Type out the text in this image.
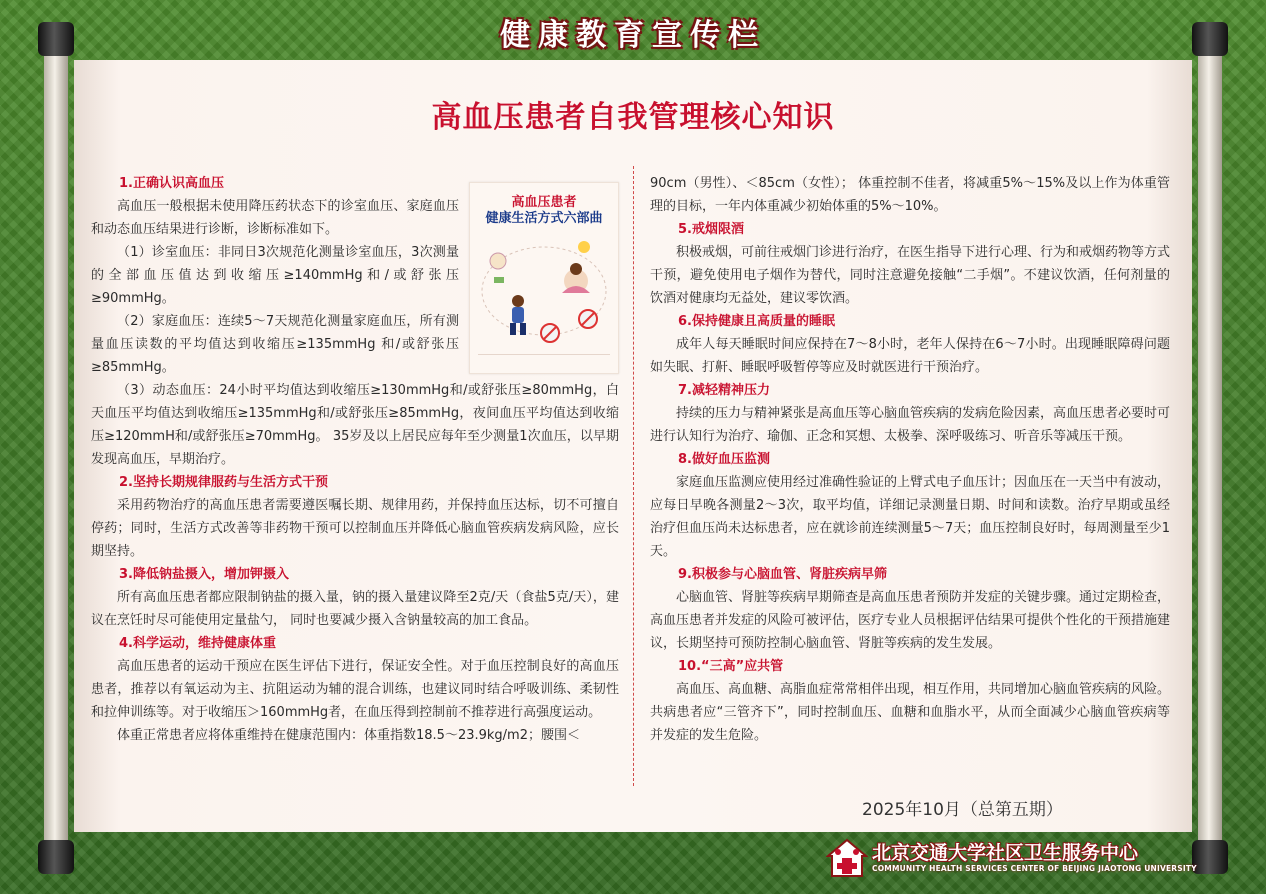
健康教育宣传栏
高血压患者自我管理核心知识
高血压患者
健康生活方式六部曲
1.正确认识高血压

高血压一般根据未使用降压药状态下的诊室血压、家庭血压和动态血压结果进行诊断，诊断标准如下。

（1）诊室血压：非同日3次规范化测量诊室血压，3次测量的全部血压值达到收缩压≥140mmHg和/或舒张压≥90mmHg。

（2）家庭血压：连续5～7天规范化测量家庭血压，所有测量血压读数的平均值达到收缩压≥135mmHg 和/或舒张压≥85mmHg。

（3）动态血压：24小时平均值达到收缩压≥130mmHg和/或舒张压≥80mmHg，白天血压平均值达到收缩压≥135mmHg和/或舒张压≥85mmHg，夜间血压平均值达到收缩压≥120mmH和/或舒张压≥70mmHg。 35岁及以上居民应每年至少测量1次血压，以早期发现高血压，早期治疗。

2.坚持长期规律服药与生活方式干预

采用药物治疗的高血压患者需要遵医嘱长期、规律用药，并保持血压达标，切不可擅自停药；同时，生活方式改善等非药物干预可以控制血压并降低心脑血管疾病发病风险，应长期坚持。

3.降低钠盐摄入，增加钾摄入

所有高血压患者都应限制钠盐的摄入量，钠的摄入量建议降至2克/天（食盐5克/天），建议在烹饪时尽可能使用定量盐勺， 同时也要减少摄入含钠量较高的加工食品。

4.科学运动，维持健康体重

高血压患者的运动干预应在医生评估下进行，保证安全性。对于血压控制良好的高血压患者，推荐以有氧运动为主、抗阻运动为辅的混合训练，也建议同时结合呼吸训练、柔韧性和拉伸训练等。对于收缩压＞160mmHg者，在血压得到控制前不推荐进行高强度运动。

体重正常患者应将体重维持在健康范围内：体重指数18.5～23.9kg/m2；腰围＜

90cm（男性）、＜85cm（女性）； 体重控制不佳者，将减重5%～15%及以上作为体重管理的目标，一年内体重减少初始体重的5%～10%。

5.戒烟限酒

积极戒烟，可前往戒烟门诊进行治疗，在医生指导下进行心理、行为和戒烟药物等方式干预，避免使用电子烟作为替代，同时注意避免接触“二手烟”。不建议饮酒，任何剂量的饮酒对健康均无益处，建议零饮酒。

6.保持健康且高质量的睡眠

成年人每天睡眠时间应保持在7～8小时，老年人保持在6～7小时。出现睡眠障碍问题如失眠、打鼾、睡眠呼吸暂停等应及时就医进行干预治疗。

7.减轻精神压力

持续的压力与精神紧张是高血压等心脑血管疾病的发病危险因素，高血压患者必要时可进行认知行为治疗、瑜伽、正念和冥想、太极拳、深呼吸练习、听音乐等减压干预。

8.做好血压监测

家庭血压监测应使用经过准确性验证的上臂式电子血压计；因血压在一天当中有波动，应每日早晚各测量2～3次，取平均值，详细记录测量日期、时间和读数。治疗早期或虽经治疗但血压尚未达标患者，应在就诊前连续测量5～7天；血压控制良好时，每周测量至少1天。

9.积极参与心脑血管、肾脏疾病早筛

心脑血管、肾脏等疾病早期筛查是高血压患者预防并发症的关键步骤。通过定期检查，高血压患者并发症的风险可被评估，医疗专业人员根据评估结果可提供个性化的干预措施建议，长期坚持可预防控制心脑血管、肾脏等疾病的发生发展。

10.“三高”应共管

高血压、高血糖、高脂血症常常相伴出现，相互作用，共同增加心脑血管疾病的风险。共病患者应“三管齐下”，同时控制血压、血糖和血脂水平，从而全面减少心脑血管疾病等并发症的发生危险。

2025年10月（总第五期）
北京交通大学社区卫生服务中心
COMMUNITY HEALTH SERVICES CENTER OF BEIJING JIAOTONG UNIVERSITY
